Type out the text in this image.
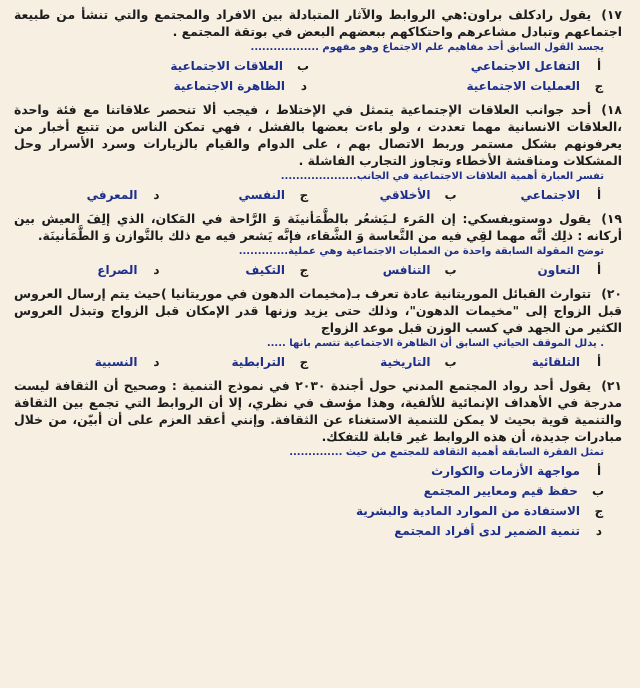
١٧)يقول رادكلف براون:هي الروابط والآثار المتبادلة بين الافراد والمجتمع والتي تنشأ من طبيعة اجتماعهم وتبادل مشاعرهم واحتكاكهم ببعضهم البعض في بوتقة المجتمع .

يجسد القول السابق أحد مفاهيم علم الاجتماع وهو مفهوم ..................
أ
التفاعل الاجتماعي
ب
العلاقات الاجتماعية
ج
العمليات الاجتماعية
د
الظاهرة الاجتماعية

١٨)أحد جوانب العلاقات الإجتماعية يتمثل في الإختلاط ، فيجب ألا تنحصر علاقاتنا مع فئة واحدة ،العلاقات الانسانية مهما تعددت ، ولو باءت بعضها بالفشل ، فهي تمكن الناس من تتبع أخبار من يعرفونهم بشكل مستمر وربط الاتصال بهم ، على الدوام والقيام بالزيارات وسرد الأسرار وحل المشكلات ومناقشة الأخطاء وتجاوز التجارب الفاشلة .

تفسر العبارة أهمية العلاقات الاجتماعية في الجانب....................
أ
الاجتماعي
ب
الأخلاقي
ج
النفسي
د
المعرفي

١٩)يقول دوستويفسكي: إن المَرء لـيَشعُر بالطَّمَأنينَة وَ الرَّاحة في المَكان، الذي إلِفَ العيش بين أركانه : ذلِك أنَّه مهما لقِي فيه من التَّعاسة وَ الشَّقاء، فإنَّه يَشعر فيه مع ذلك بالتَّوازن وَ الطَّمَأنينَة.

توضح المقولة السابقة واحدة من العمليات الاجتماعية وهي عملية.............
أ
التعاون
ب
التنافس
ج
التكيف
د
الصراع

٢٠)تتوارث القبائل الموريتانية عادة تعرف بـ(مخيمات الدهون في موريتانيا )حيث يتم إرسال العروس قبل الزواج إلى "مخيمات الدهون"، وذلك حتى يزيد وزنها قدر الإمكان قبل الزواج وتبذل العروس الكثير من الجهد في كسب الوزن قبل موعد الزواج

. يدلل الموقف الحياتي السابق أن الظاهرة الاجتماعية تتسم بانها .....
أ
التلقائية
ب
التاريخية
ج
الترابطية
د
النسبية

٢١)يقول أحد رواد المجتمع المدني حول أجندة ٢٠٣٠ في نموذج التنمية : وصحيح أن الثقافة ليست مدرجة في الأهداف الإنمائية للألفية، وهذا مؤسف في نظري، إلا أن الروابط التي تجمع بين الثقافة والتنمية قوية بحيث لا يمكن للتنمية الاستغناء عن الثقافة. وإنني أعقد العزم على أن أبيّن، من خلال مبادرات جديدة، أن هذه الروابط غير قابلة للتفكك.

تمثل الفقرة السابقة أهمية الثقافة للمجتمع من حيث ..............
أ
مواجهة الأزمات والكوارث
ب
حفظ قيم ومعايير المجتمع
ج
الاستفادة من الموارد المادية والبشرية
د
تنمية الضمير لدى أفراد المجتمع
